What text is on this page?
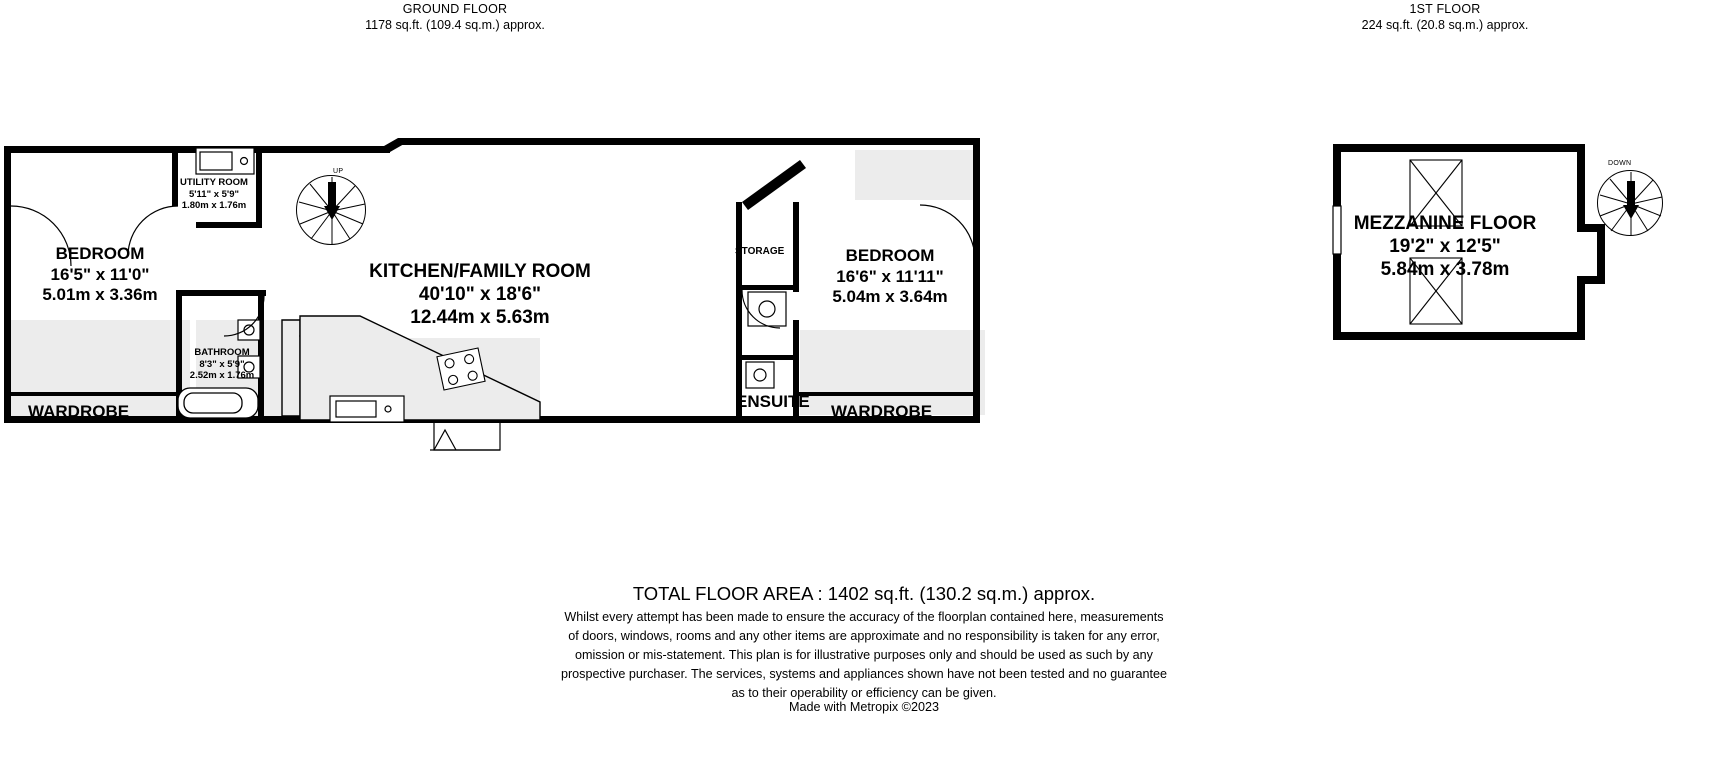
GROUND FLOOR
1178 sq.ft. (109.4 sq.m.) approx.
1ST FLOOR
224 sq.ft. (20.8 sq.m.) approx.
UP
BEDROOM
16'5" x 11'0"
5.01m x 3.36m
UTILITY ROOM
5'11" x 5'9"
1.80m x 1.76m
BATHROOM
8'3" x 5'9"
2.52m x 1.76m
KITCHEN/FAMILY ROOM
40'10" x 18'6"
12.44m x 5.63m
BEDROOM
16'6" x 11'11"
5.04m x 3.64m
STORAGE
ENSUITE
WARDROBE	WARDROBE
DOWN
MEZZANINE FLOOR
19'2" x 12'5"
5.84m x 3.78m
TOTAL FLOOR AREA : 1402 sq.ft. (130.2 sq.m.) approx.
Whilst every attempt has been made to ensure the accuracy of the floorplan contained here, measurements
of doors, windows, rooms and any other items are approximate and no responsibility is taken for any error,
omission or mis-statement. This plan is for illustrative purposes only and should be used as such by any
prospective purchaser. The services, systems and appliances shown have not been tested and no guarantee
as to their operability or efficiency can be given.
Made with Metropix ©2023
